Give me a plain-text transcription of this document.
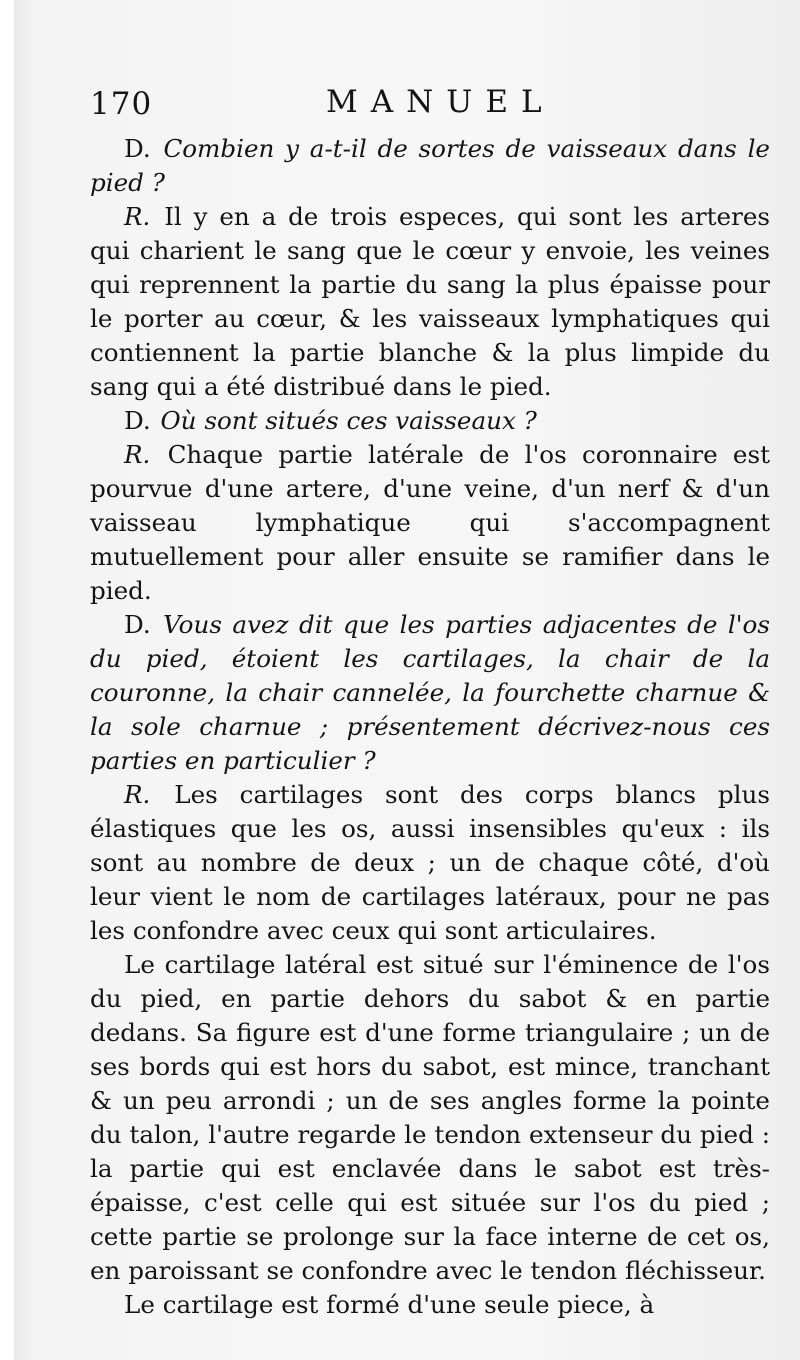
170	MANUEL

D. Combien y a-t-il de sortes de vaisseaux dans le pied ?

R. Il y en a de trois especes, qui sont les arteres qui charient le sang que le cœur y envoie, les veines qui reprennent la partie du sang la plus épaisse pour le porter au cœur, & les vaisseaux lymphatiques qui contiennent la partie blanche & la plus limpide du sang qui a été distribué dans le pied.

D. Où sont situés ces vaisseaux ?

R. Chaque partie latérale de l'os coronnaire est pourvue d'une artere, d'une veine, d'un nerf & d'un vaisseau lymphatique qui s'accompagnent mutuellement pour aller ensuite se ramifier dans le pied.

D. Vous avez dit que les parties adjacentes de l'os du pied, étoient les cartilages, la chair de la couronne, la chair cannelée, la fourchette charnue & la sole charnue ; présentement décrivez-nous ces parties en particulier ?

R. Les cartilages sont des corps blancs plus élastiques que les os, aussi insensibles qu'eux : ils sont au nombre de deux ; un de chaque côté, d'où leur vient le nom de cartilages latéraux, pour ne pas les confondre avec ceux qui sont articulaires.

Le cartilage latéral est situé sur l'éminence de l'os du pied, en partie dehors du sabot & en partie dedans. Sa figure est d'une forme triangulaire ; un de ses bords qui est hors du sabot, est mince, tranchant & un peu arrondi ; un de ses angles forme la pointe du talon, l'autre regarde le tendon extenseur du pied : la partie qui est enclavée dans le sabot est très-épaisse, c'est celle qui est située sur l'os du pied ; cette partie se prolonge sur la face interne de cet os, en paroissant se confondre avec le tendon fléchisseur.

Le cartilage est formé d'une seule piece, à
